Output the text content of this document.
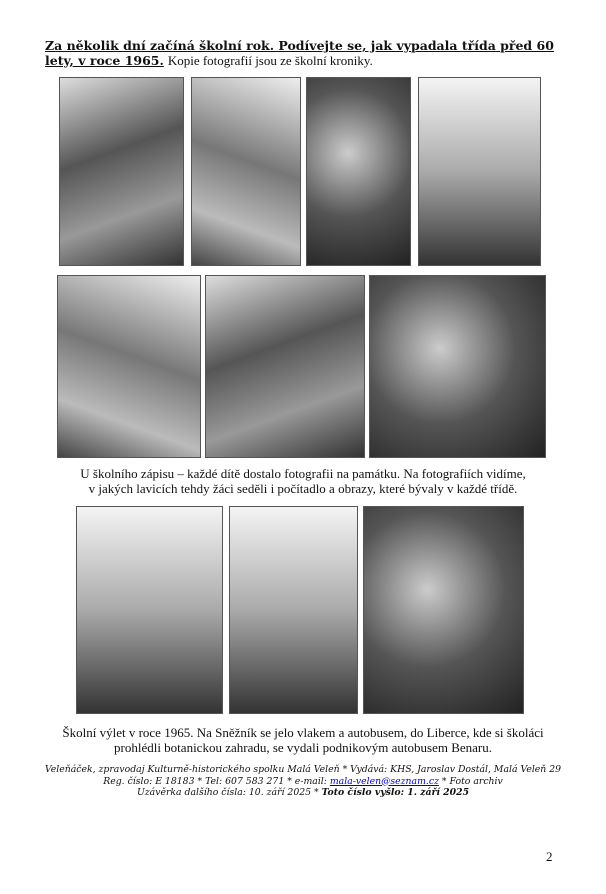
Za několik dní začíná školní rok. Podívejte se, jak vypadala třída před 60 lety, v roce 1965. Kopie fotografií jsou ze školní kroniky.
U školního zápisu – každé dítě dostalo fotografii na památku. Na fotografiích vidíme,
v jakých lavicích tehdy žáci seděli i počítadlo a obrazy, které bývaly v každé třídě.
Školní výlet v roce 1965. Na Sněžník se jelo vlakem a autobusem, do Liberce, kde si školáci
prohlédli botanickou zahradu, se vydali podnikovým autobusem Benaru.
Veleňáček, zpravodaj Kulturně-historického spolku Malá Veleň * Vydává: KHS, Jaroslav Dostál, Malá Veleň 29
Reg. číslo: E 18183 * Tel: 607 583 271 * e-mail: mala-velen@seznam.cz * Foto archiv
Uzávěrka dalšího čísla: 10. září 2025 * Toto číslo vyšlo: 1. září 2025
2
